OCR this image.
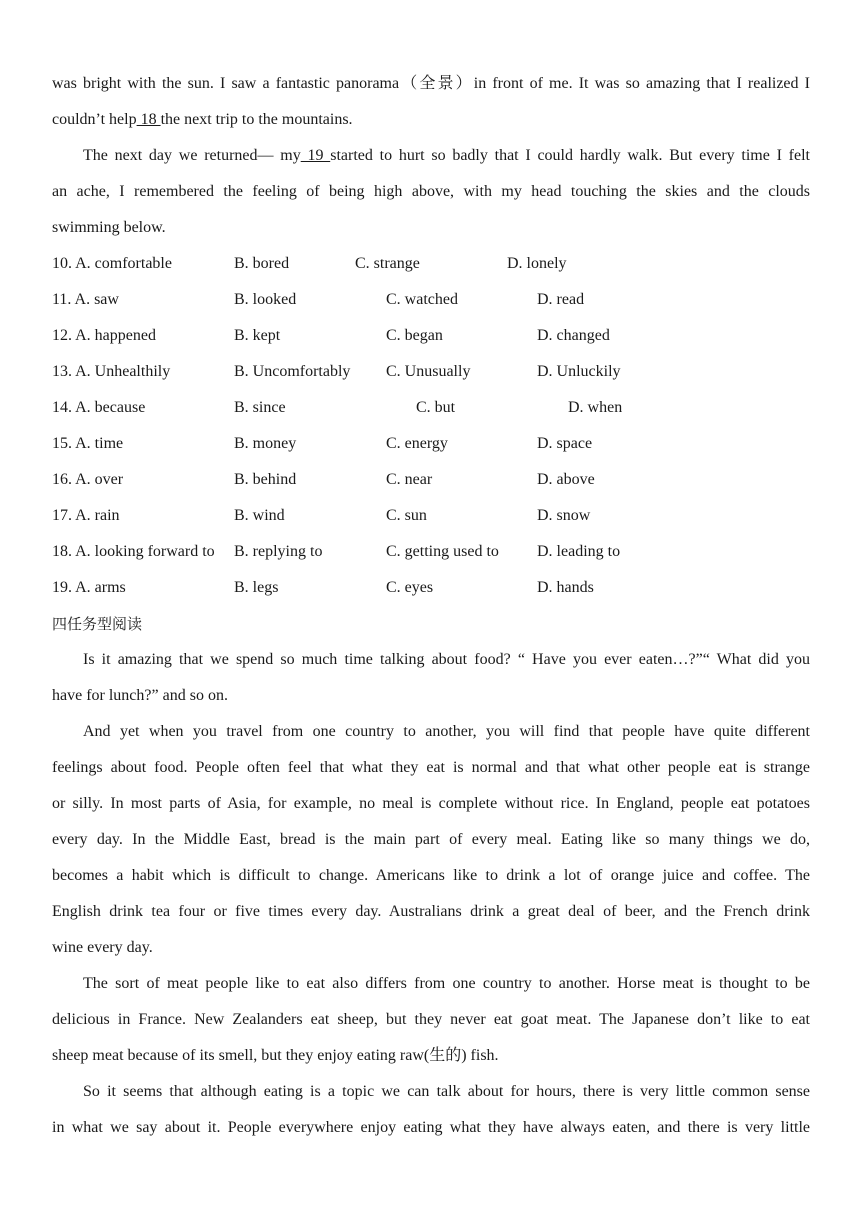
was bright with the sun. I saw a fantastic panorama（全景）in front of me. It was so amazing that I realized I
couldn’t help 18 the next trip to the mountains.
The next day we returned— my 19 started to hurt so badly that I could hardly walk. But every time I felt
an ache, I remembered the feeling of being high above, with my head touching the skies and the clouds
swimming below.
10. A. comfortable	B. bored	C. strange	D. lonely
11. A. saw	B. looked	C. watched	D. read
12. A. happened	B. kept	C. began	D. changed
13. A. Unhealthily	B. Uncomfortably C. Unusually	D. Unluckily
14. A. because	B. since	C. but	D. when
15. A. time	B. money	C. energy	D. space
16. A. over	B. behind	C. near	D. above
17. A. rain	B. wind	C. sun	D. snow
18. A. looking forward to B. replying to	C. getting used to D. leading to
19. A. arms	B. legs	C. eyes	D. hands
四任务型阅读
Is it amazing that we spend so much time talking about food? “ Have you ever eaten…?”“ What did you
have for lunch?” and so on.
And yet when you travel from one country to another, you will find that people have quite different
feelings about food. People often feel that what they eat is normal and that what other people eat is strange
or silly. In most parts of Asia, for example, no meal is complete without rice. In England, people eat potatoes
every day. In the Middle East, bread is the main part of every meal. Eating like so many things we do,
becomes a habit which is difficult to change. Americans like to drink a lot of orange juice and coffee. The
English drink tea four or five times every day. Australians drink a great deal of beer, and the French drink
wine every day.
The sort of meat people like to eat also differs from one country to another. Horse meat is thought to be
delicious in France. New Zealanders eat sheep, but they never eat goat meat. The Japanese don’t like to eat
sheep meat because of its smell, but they enjoy eating raw(生的) fish.
So it seems that although eating is a topic we can talk about for hours, there is very little common sense
in what we say about it. People everywhere enjoy eating what they have always eaten, and there is very little
